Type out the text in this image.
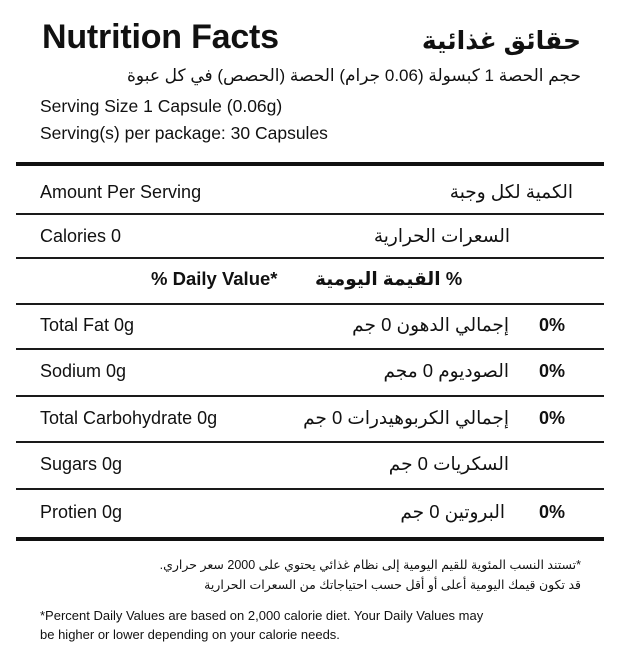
Nutrition Facts	حقائق غذائية
حجم الحصة 1 كبسولة (0.06 جرام) الحصة (الحصص) في كل عبوة
Serving Size 1 Capsule (0.06g)
Serving(s) per package: 30 Capsules
Amount Per Serving	الكمية لكل وجبة
Calories 0	السعرات الحرارية
% Daily Value* % القيمة اليومية
Total Fat 0g	إجمالي الدهون 0 جم 0%
Sodium 0g	الصوديوم 0 مجم 0%
Total Carbohydrate 0g	إجمالي الكربوهيدرات 0 جم 0%
Sugars 0g	السكريات 0 جم
Protien 0g	البروتين 0 جم 0%
*تستند النسب المئوية للقيم اليومية إلى نظام غذائي يحتوي على 2000 سعر حراري.
قد تكون قيمك اليومية أعلى أو أقل حسب احتياجاتك من السعرات الحرارية
*Percent Daily Values are based on 2,000 calorie diet. Your Daily Values may
be higher or lower depending on your calorie needs.
